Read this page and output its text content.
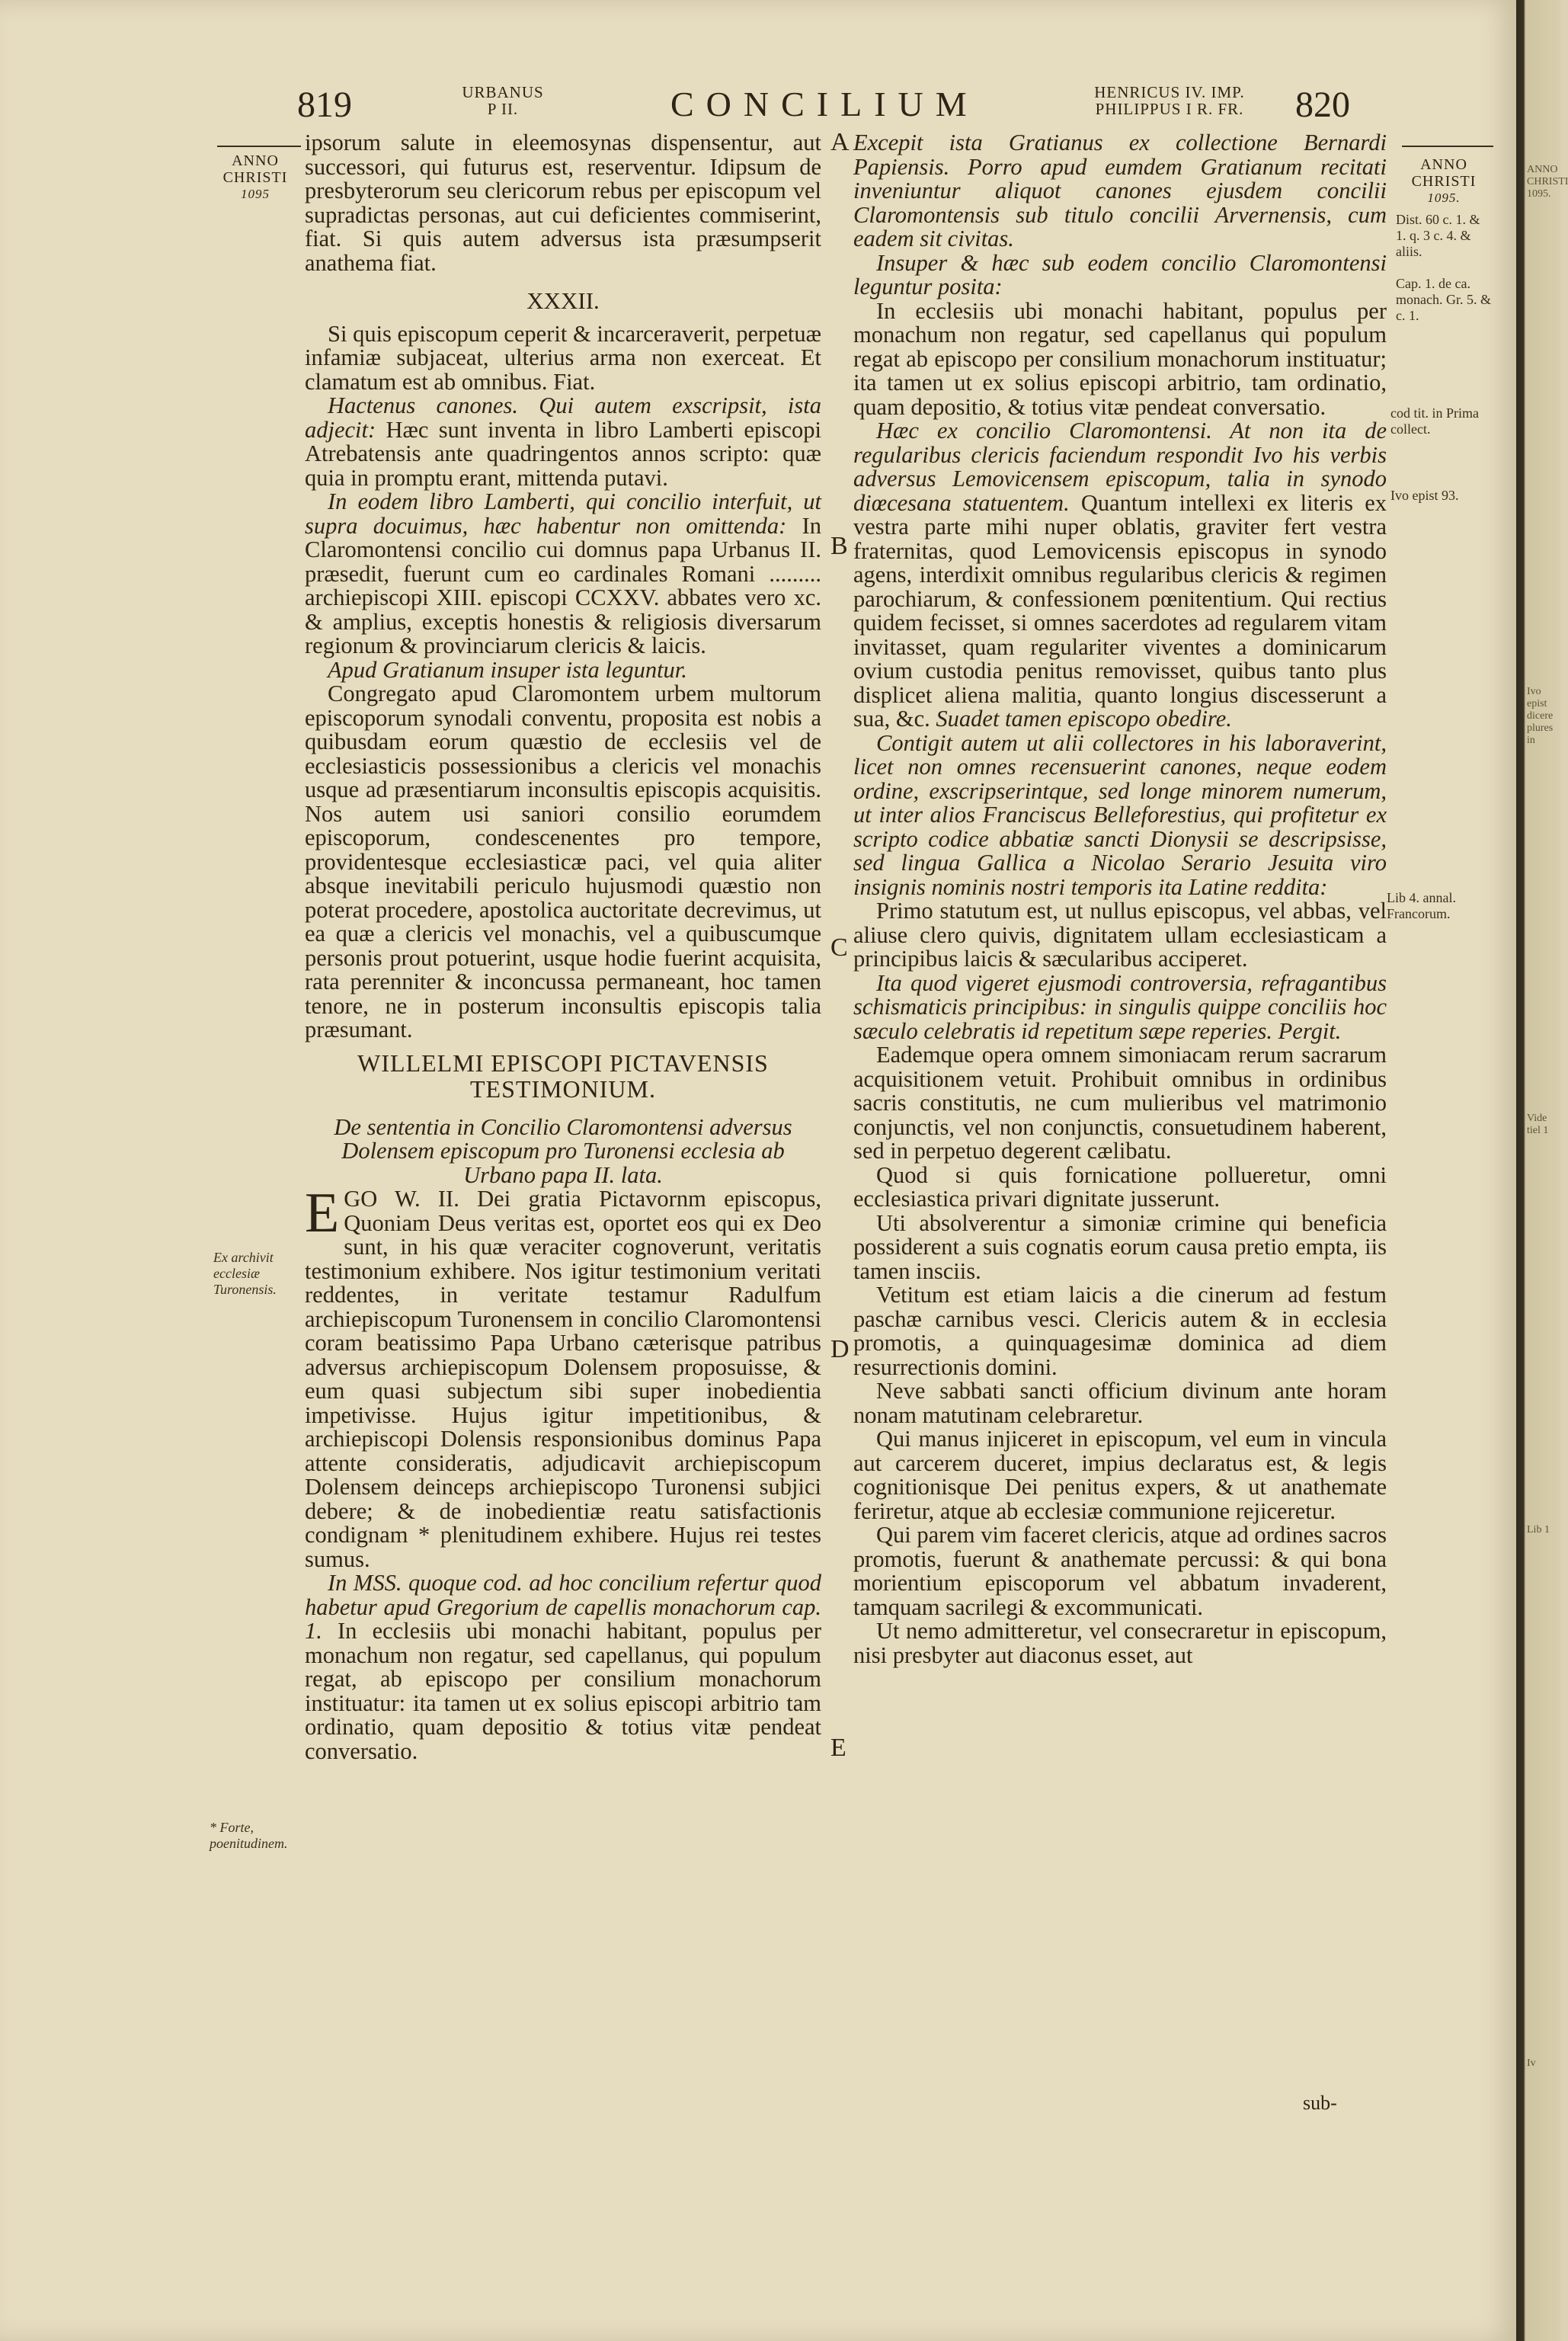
819	URBANUS
P II.	CONCILIUM	HENRICUS IV. IMP.
PHILIPPUS I R. FR.	820
ANNO
CHRISTI
1095
Ex archivit ecclesiæ Turonensis.
* Forte, poenitudinem.
A
B
C
D
E
ANNO
CHRISTI
1095.
Dist. 60 c. 1. & 1. q. 3 c. 4. & aliis.
Cap. 1. de ca. monach. Gr. 5. & c. 1.
cod tit. in Prima collect.
Ivo epist 93.
Lib 4. annal. Francorum.

ipsorum salute in eleemosynas dispensentur, aut successori, qui futurus est, reserventur. Idipsum de presbyterorum seu clericorum rebus per episcopum vel supradictas personas, aut cui deficientes commiserint, fiat. Si quis autem adversus ista præsumpserit anathema fiat.

XXXII.

Si quis episcopum ceperit & incarceraverit, perpetuæ infamiæ subjaceat, ulterius arma non exerceat. Et clamatum est ab omnibus. Fiat.

Hactenus canones. Qui autem exscripsit, ista adjecit: Hæc sunt inventa in libro Lamberti episcopi Atrebatensis ante quadringentos annos scripto: quæ quia in promptu erant, mittenda putavi.

In eodem libro Lamberti, qui concilio interfuit, ut supra docuimus, hæc habentur non omittenda: In Claromontensi concilio cui domnus papa Urbanus II. præsedit, fuerunt cum eo cardinales Romani ......... archiepiscopi XIII. episcopi CCXXV. abbates vero xc. & amplius, exceptis honestis & religiosis diversarum regionum & provinciarum clericis & laicis.

Apud Gratianum insuper ista leguntur.

Congregato apud Claromontem urbem multorum episcoporum synodali conventu, proposita est nobis a quibusdam eorum quæstio de ecclesiis vel de ecclesiasticis possessionibus a clericis vel monachis usque ad præsentiarum inconsultis episcopis acquisitis. Nos autem usi saniori consilio eorumdem episcoporum, condescenentes pro tempore, providentesque ecclesiasticæ paci, vel quia aliter absque inevitabili periculo hujusmodi quæstio non poterat procedere, apostolica auctoritate decrevimus, ut ea quæ a clericis vel monachis, vel a quibuscumque personis prout potuerint, usque hodie fuerint acquisita, rata perenniter & inconcussa permaneant, hoc tamen tenore, ne in posterum inconsultis episcopis talia præsumant.

WILLELMI EPISCOPI PICTAVENSIS TESTIMONIUM.

De sententia in Concilio Claromontensi adversus Dolensem episcopum pro Turonensi ecclesia ab Urbano papa II. lata.

EGO W. II. Dei gratia Pictavornm episcopus, Quoniam Deus veritas est, oportet eos qui ex Deo sunt, in his quæ veraciter cognoverunt, veritatis testimonium exhibere. Nos igitur testimonium veritati reddentes, in veritate testamur Radulfum archiepiscopum Turonensem in concilio Claromontensi coram beatissimo Papa Urbano cæterisque patribus adversus archiepiscopum Dolensem proposuisse, & eum quasi subjectum sibi super inobedientia impetivisse. Hujus igitur impetitionibus, & archiepiscopi Dolensis responsionibus dominus Papa attente consideratis, adjudicavit archiepiscopum Dolensem deinceps archiepiscopo Turonensi subjici debere; & de inobedientiæ reatu satisfactionis condignam * plenitudinem exhibere. Hujus rei testes sumus.

In MSS. quoque cod. ad hoc concilium refertur quod habetur apud Gregorium de capellis monachorum cap. 1. In ecclesiis ubi monachi habitant, populus per monachum non regatur, sed capellanus, qui populum regat, ab episcopo per consilium monachorum instituatur: ita tamen ut ex solius episcopi arbitrio tam ordinatio, quam depositio & totius vitæ pendeat conversatio.

Excepit ista Gratianus ex collectione Bernardi Papiensis. Porro apud eumdem Gratianum recitati inveniuntur aliquot canones ejusdem concilii Claromontensis sub titulo concilii Arvernensis, cum eadem sit civitas.

Insuper & hæc sub eodem concilio Claromontensi leguntur posita:

In ecclesiis ubi monachi habitant, populus per monachum non regatur, sed capellanus qui populum regat ab episcopo per consilium monachorum instituatur; ita tamen ut ex solius episcopi arbitrio, tam ordinatio, quam depositio, & totius vitæ pendeat conversatio.

Hæc ex concilio Claromontensi. At non ita de regularibus clericis faciendum respondit Ivo his verbis adversus Lemovicensem episcopum, talia in synodo diœcesana statuentem. Quantum intellexi ex literis ex vestra parte mihi nuper oblatis, graviter fert vestra fraternitas, quod Lemovicensis episcopus in synodo agens, interdixit omnibus regularibus clericis & regimen parochiarum, & confessionem pœnitentium. Qui rectius quidem fecisset, si omnes sacerdotes ad regularem vitam invitasset, quam regulariter viventes a dominicarum ovium custodia penitus removisset, quibus tanto plus displicet aliena malitia, quanto longius discesserunt a sua, &c. Suadet tamen episcopo obedire.

Contigit autem ut alii collectores in his laboraverint, licet non omnes recensuerint canones, neque eodem ordine, exscripserintque, sed longe minorem numerum, ut inter alios Franciscus Belleforestius, qui profitetur ex scripto codice abbatiæ sancti Dionysii se descripsisse, sed lingua Gallica a Nicolao Serario Jesuita viro insignis nominis nostri temporis ita Latine reddita:

Primo statutum est, ut nullus episcopus, vel abbas, vel aliuse clero quivis, dignitatem ullam ecclesiasticam a principibus laicis & sæcularibus acciperet.

Ita quod vigeret ejusmodi controversia, refragantibus schismaticis principibus: in singulis quippe conciliis hoc sæculo celebratis id repetitum sæpe reperies. Pergit.

Eademque opera omnem simoniacam rerum sacrarum acquisitionem vetuit. Prohibuit omnibus in ordinibus sacris constitutis, ne cum mulieribus vel matrimonio conjunctis, vel non conjunctis, consuetudinem haberent, sed in perpetuo degerent cælibatu.

Quod si quis fornicatione pollueretur, omni ecclesiastica privari dignitate jusserunt.

Uti absolverentur a simoniæ crimine qui beneficia possiderent a suis cognatis eorum causa pretio empta, iis tamen insciis.

Vetitum est etiam laicis a die cinerum ad festum paschæ carnibus vesci. Clericis autem & in ecclesia promotis, a quinquagesimæ dominica ad diem resurrectionis domini.

Neve sabbati sancti officium divinum ante horam nonam matutinam celebraretur.

Qui manus injiceret in episcopum, vel eum in vincula aut carcerem duceret, impius declaratus est, & legis cognitionisque Dei penitus expers, & ut anathemate feriretur, atque ab ecclesiæ communione rejiceretur.

Qui parem vim faceret clericis, atque ad ordines sacros promotis, fuerunt & anathemate percussi: & qui bona morientium episcoporum vel abbatum invaderent, tamquam sacrilegi & excommunicati.

Ut nemo admitteretur, vel consecraretur in episcopum, nisi presbyter aut diaconus esset, aut

sub-
ANNO CHRISTI 1095.
Ivo epist dicere plures in
Vide tiel 1
Lib 1
Iv
